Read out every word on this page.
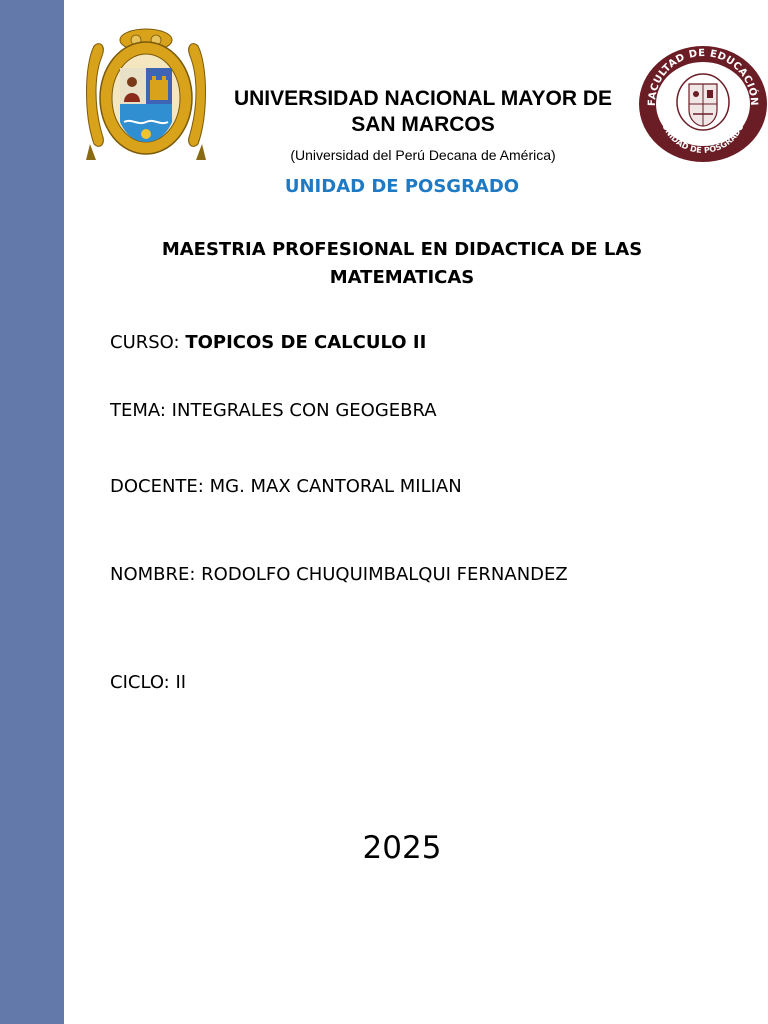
UNIVERSIDAD NACIONAL MAYOR DE SAN MARCOS
(Universidad del Perú Decana de América)
FACULTAD DE EDUCACIÓN
UNIDAD DE POSGRADO
UNIDAD DE POSGRADO
MAESTRIA PROFESIONAL EN DIDACTICA DE LAS MATEMATICAS
CURSO: TOPICOS DE CALCULO II
TEMA: INTEGRALES CON GEOGEBRA
DOCENTE: MG. MAX CANTORAL MILIAN
NOMBRE: RODOLFO CHUQUIMBALQUI FERNANDEZ
CICLO: II
2025
